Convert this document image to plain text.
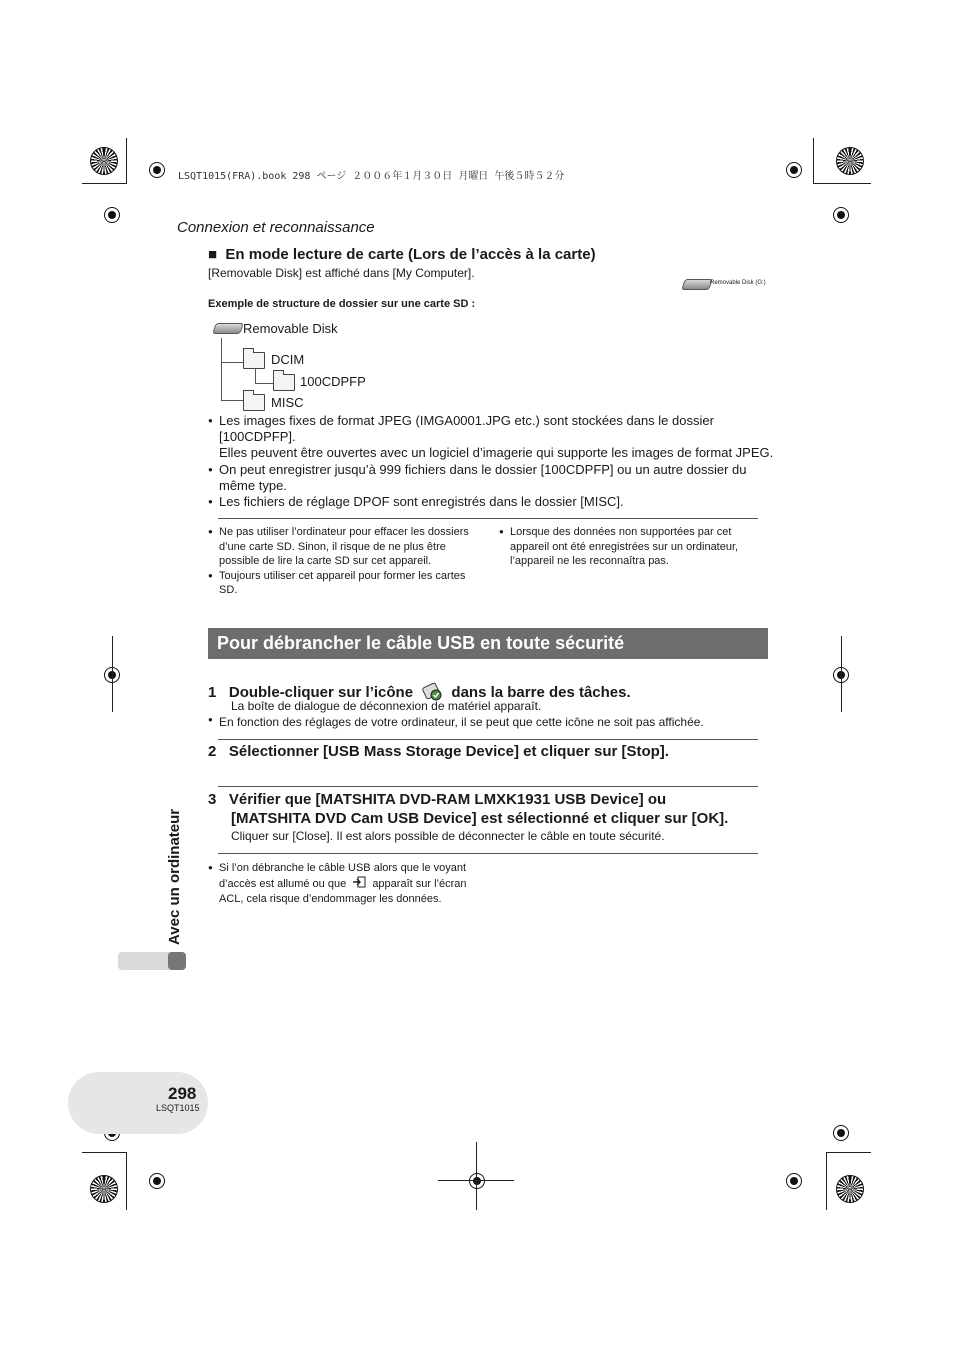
LSQT1015(FRA).book 298 ページ ２００６年１月３０日 月曜日 午後５時５２分
Connexion et reconnaissance
■  En mode lecture de carte (Lors de l’accès à la carte)
[Removable Disk] est affiché dans [My Computer].
Removable Disk (G:)
Exemple de structure de dossier sur une carte SD :
Removable Disk
DCIM
100CDPFP
MISC
● Les images fixes de format JPEG (IMGA0001.JPG etc.) sont stockées dans le dossier
[100CDPFP].
Elles peuvent être ouvertes avec un logiciel d’imagerie qui supporte les images de format JPEG.
● On peut enregistrer jusqu’à 999 fichiers dans le dossier [100CDPFP] ou un autre dossier du
même type.
● Les fichiers de réglage DPOF sont enregistrés dans le dossier [MISC].
● Ne pas utiliser l’ordinateur pour effacer les dossiers
d’une carte SD. Sinon, il risque de ne plus être
possible de lire la carte SD sur cet appareil.
● Toujours utiliser cet appareil pour former les cartes
SD.
● Lorsque des données non supportées par cet
appareil ont été enregistrées sur un ordinateur,
l’appareil ne les reconnaîtra pas.
Pour débrancher le câble USB en toute sécurité
1 Double-cliquer sur l’icône	dans la barre des tâches.
La boîte de dialogue de déconnexion de matériel apparaît.
● En fonction des réglages de votre ordinateur, il se peut que cette icône ne soit pas affichée.
2 Sélectionner [USB Mass Storage Device] et cliquer sur [Stop].
3 Vérifier que [MATSHITA DVD-RAM LMXK1931 USB Device] ou
[MATSHITA DVD Cam USB Device] est sélectionné et cliquer sur [OK].
Cliquer sur [Close]. Il est alors possible de déconnecter le câble en toute sécurité.
● Si l’on débranche le câble USB alors que le voyant
d’accès est allumé ou que apparaît sur l’écran
ACL, cela risque d’endommager les données.
Avec un ordinateur
298
LSQT1015
